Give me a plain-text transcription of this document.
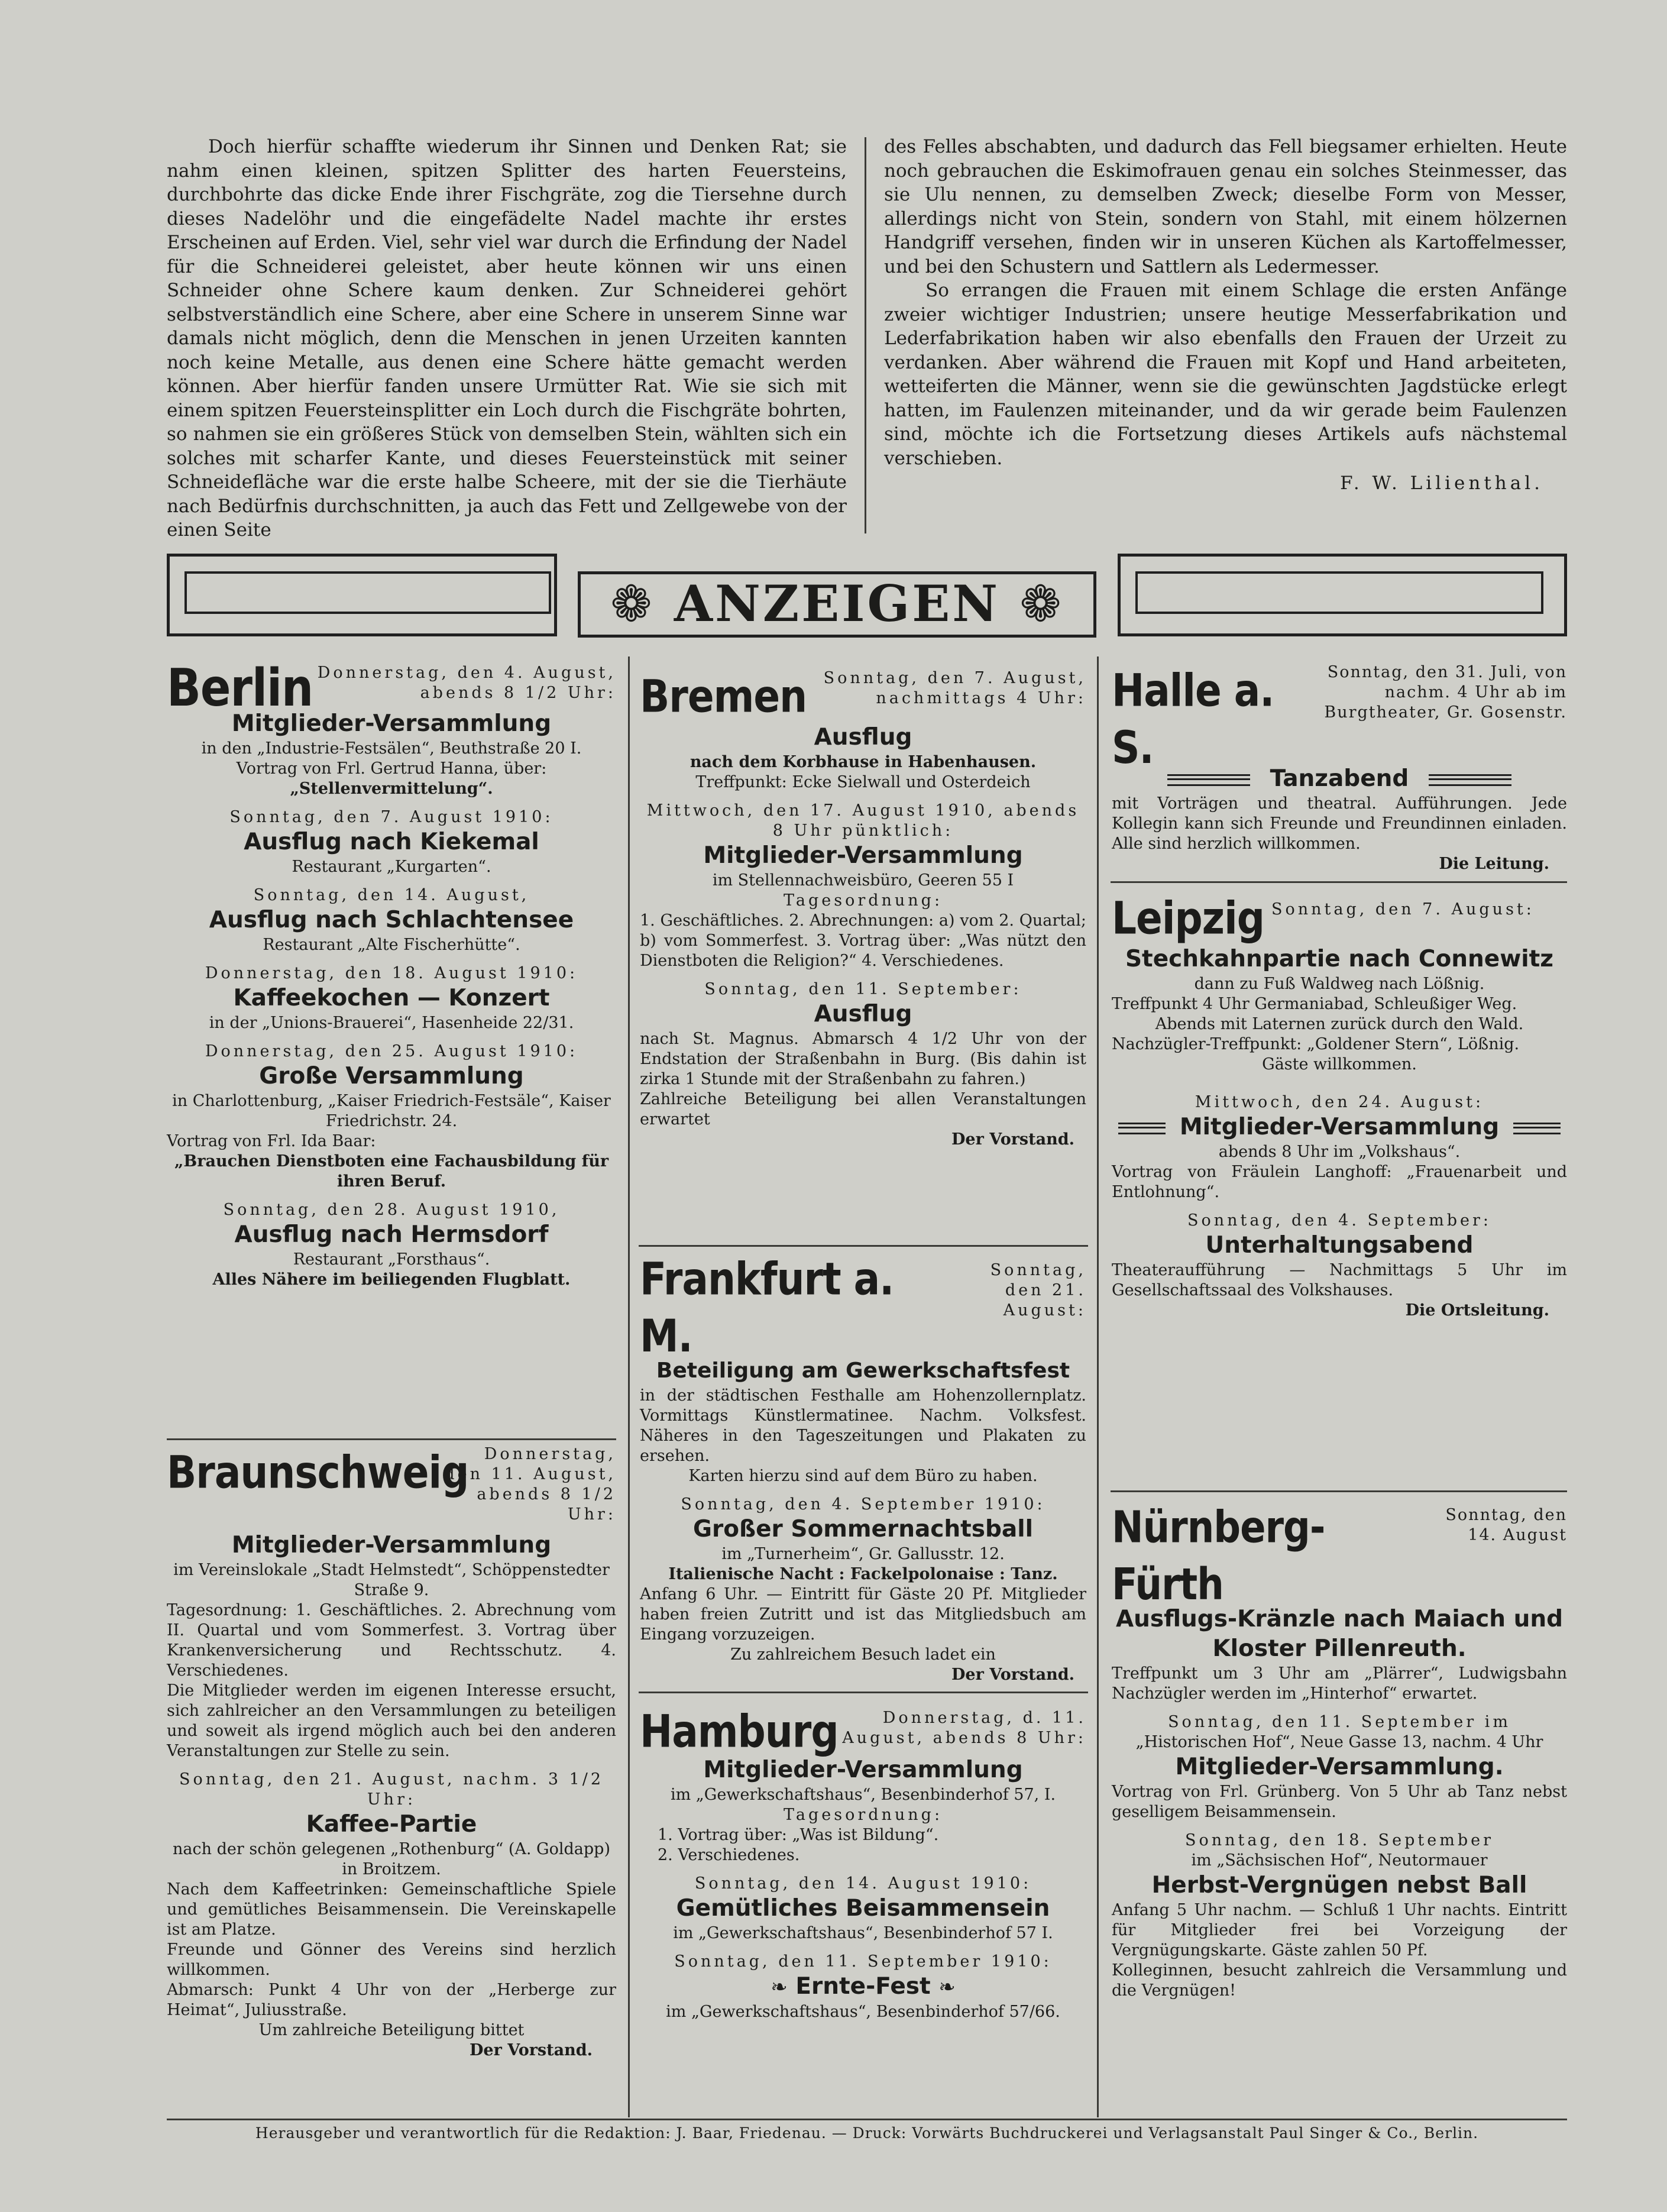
Doch hierfür schaffte wiederum ihr Sinnen und Denken Rat; sie nahm einen kleinen, spitzen Splitter des harten Feuersteins, durchbohrte das dicke Ende ihrer Fischgräte, zog die Tiersehne durch dieses Nadelöhr und die eingefädelte Nadel machte ihr erstes Erscheinen auf Erden. Viel, sehr viel war durch die Erfindung der Nadel für die Schneiderei geleistet, aber heute können wir uns einen Schneider ohne Schere kaum denken. Zur Schneiderei gehört selbstverständlich eine Schere, aber eine Schere in unserem Sinne war damals nicht möglich, denn die Menschen in jenen Urzeiten kannten noch keine Metalle, aus denen eine Schere hätte gemacht werden können. Aber hierfür fanden unsere Urmütter Rat. Wie sie sich mit einem spitzen Feuersteinsplitter ein Loch durch die Fischgräte bohrten, so nahmen sie ein größeres Stück von demselben Stein, wählten sich ein solches mit scharfer Kante, und dieses Feuersteinstück mit seiner Schneidefläche war die erste halbe Scheere, mit der sie die Tierhäute nach Bedürfnis durchschnitten, ja auch das Fett und Zellgewebe von der einen Seite

des Felles abschabten, und dadurch das Fell biegsamer erhielten. Heute noch gebrauchen die Eskimofrauen genau ein solches Steinmesser, das sie Ulu nennen, zu demselben Zweck; dieselbe Form von Messer, allerdings nicht von Stein, sondern von Stahl, mit einem hölzernen Handgriff versehen, finden wir in unseren Küchen als Kartoffelmesser, und bei den Schustern und Sattlern als Ledermesser.

So errangen die Frauen mit einem Schlage die ersten Anfänge zweier wichtiger Industrien; unsere heutige Messerfabrikation und Lederfabrikation haben wir also ebenfalls den Frauen der Urzeit zu verdanken. Aber während die Frauen mit Kopf und Hand arbeiteten, wetteiferten die Männer, wenn sie die gewünschten Jagdstücke erlegt hatten, im Faulenzen miteinander, und da wir gerade beim Faulenzen sind, möchte ich die Fortsetzung dieses Artikels aufs nächstemal verschieben.

F. W. Lilienthal.
❁ ANZEIGEN ❁
Berlin Donnerstag, den 4. August, abends 8 1/2 Uhr:
Mitglieder-Versammlung
in den „Industrie-Festsälen“, Beuthstraße 20 I.
Vortrag von Frl. Gertrud Hanna, über:
„Stellenvermittelung“.
Sonntag, den 7. August 1910:
Ausflug nach Kiekemal
Restaurant „Kurgarten“.
Sonntag, den 14. August,
Ausflug nach Schlachtensee
Restaurant „Alte Fischerhütte“.
Donnerstag, den 18. August 1910:
Kaffeekochen — Konzert
in der „Unions-Brauerei“, Hasenheide 22/31.
Donnerstag, den 25. August 1910:
Große Versammlung
in Charlottenburg, „Kaiser Friedrich-Festsäle“, Kaiser Friedrichstr. 24.
Vortrag von Frl. Ida Baar:
„Brauchen Dienstboten eine Fachausbildung für ihren Beruf.
Sonntag, den 28. August 1910,
Ausflug nach Hermsdorf
Restaurant „Forsthaus“.
Alles Nähere im beiliegenden Flugblatt.
Braunschweig Donnerstag, den 11. August, abends 8 1/2 Uhr:
Mitglieder-Versammlung
im Vereinslokale „Stadt Helmstedt“, Schöppenstedter Straße 9.
Tagesordnung: 1. Geschäftliches. 2. Abrechnung vom II. Quartal und vom Sommerfest. 3. Vortrag über Krankenversicherung und Rechtsschutz. 4. Verschiedenes.
Die Mitglieder werden im eigenen Interesse ersucht, sich zahlreicher an den Versammlungen zu beteiligen und soweit als irgend möglich auch bei den anderen Veranstaltungen zur Stelle zu sein.
Sonntag, den 21. August, nachm. 3 1/2 Uhr:
Kaffee-Partie
nach der schön gelegenen „Rothenburg“ (A. Goldapp) in Broitzem.
Nach dem Kaffeetrinken: Gemeinschaftliche Spiele und gemütliches Beisammensein. Die Vereinskapelle ist am Platze.
Freunde und Gönner des Vereins sind herzlich willkommen.
Abmarsch: Punkt 4 Uhr von der „Herberge zur Heimat“, Juliusstraße.
Um zahlreiche Beteiligung bittet
Der Vorstand.
Bremen	Sonntag, den 7. August, nachmittags 4 Uhr:
Ausflug
nach dem Korbhause in Habenhausen.
Treffpunkt: Ecke Sielwall und Osterdeich
Mittwoch, den 17. August 1910, abends 8 Uhr pünktlich:
Mitglieder-Versammlung
im Stellennachweisbüro, Geeren 55 I
Tagesordnung:
1. Geschäftliches. 2. Abrechnungen: a) vom 2. Quartal; b) vom Sommerfest. 3. Vortrag über: „Was nützt den Dienstboten die Religion?“ 4. Verschiedenes.
Sonntag, den 11. September:
Ausflug
nach St. Magnus. Abmarsch 4 1/2 Uhr von der Endstation der Straßenbahn in Burg. (Bis dahin ist zirka 1 Stunde mit der Straßenbahn zu fahren.)
Zahlreiche Beteiligung bei allen Veranstaltungen erwartet
Der Vorstand.
Frankfurt a. M.
Sonntag, den 21. August:
Beteiligung am Gewerkschaftsfest
in der städtischen Festhalle am Hohenzollernplatz. Vormittags Künstlermatinee. Nachm. Volksfest. Näheres in den Tageszeitungen und Plakaten zu ersehen.
Karten hierzu sind auf dem Büro zu haben.
Sonntag, den 4. September 1910:
Großer Sommernachtsball
im „Turnerheim“, Gr. Gallusstr. 12.
Italienische Nacht : Fackelpolonaise : Tanz.
Anfang 6 Uhr. — Eintritt für Gäste 20 Pf. Mitglieder haben freien Zutritt und ist das Mitgliedsbuch am Eingang vorzuzeigen.
Zu zahlreichem Besuch ladet ein
Der Vorstand.
Hamburg	Donnerstag, d. 11. August, abends 8 Uhr:
Mitglieder-Versammlung
im „Gewerkschaftshaus“, Besenbinderhof 57, I.
Tagesordnung:
1. Vortrag über: „Was ist Bildung“.
2. Verschiedenes.
Sonntag, den 14. August 1910:
Gemütliches Beisammensein
im „Gewerkschaftshaus“, Besenbinderhof 57 I.
Sonntag, den 11. September 1910:
❧ Ernte-Fest ❧
im „Gewerkschaftshaus“, Besenbinderhof 57/66.
Halle a. S.
Sonntag, den 31. Juli, von nachm. 4 Uhr ab im Burgtheater, Gr. Gosenstr.
Tanzabend
mit Vorträgen und theatral. Aufführungen. Jede Kollegin kann sich Freunde und Freundinnen einladen. Alle sind herzlich willkommen.
Die Leitung.
Leipzig Sonntag, den 7. August:
Stechkahnpartie nach Connewitz
dann zu Fuß Waldweg nach Lößnig.
Treffpunkt 4 Uhr Germaniabad, Schleußiger Weg.
Abends mit Laternen zurück durch den Wald.
Nachzügler-Treffpunkt: „Goldener Stern“, Lößnig.
Gäste willkommen.
Mittwoch, den 24. August:
Mitglieder-Versammlung
abends 8 Uhr im „Volkshaus“.
Vortrag von Fräulein Langhoff: „Frauenarbeit und Entlohnung“.
Sonntag, den 4. September:
Unterhaltungsabend
Theateraufführung — Nachmittags 5 Uhr im Gesellschaftssaal des Volkshauses.
Die Ortsleitung.
Nürnberg-Fürth
Sonntag, den 14. August
Ausflugs-Kränzle nach Maiach und Kloster Pillenreuth.
Treffpunkt um 3 Uhr am „Plärrer“, Ludwigsbahn Nachzügler werden im „Hinterhof“ erwartet.
Sonntag, den 11. September im
„Historischen Hof“, Neue Gasse 13, nachm. 4 Uhr
Mitglieder-Versammlung.
Vortrag von Frl. Grünberg. Von 5 Uhr ab Tanz nebst geselligem Beisammensein.
Sonntag, den 18. September
im „Sächsischen Hof“, Neutormauer
Herbst-Vergnügen nebst Ball
Anfang 5 Uhr nachm. — Schluß 1 Uhr nachts. Eintritt für Mitglieder frei bei Vorzeigung der Vergnügungskarte. Gäste zahlen 50 Pf.
Kolleginnen, besucht zahlreich die Versammlung und die Vergnügen!
Herausgeber und verantwortlich für die Redaktion: J. Baar, Friedenau. — Druck: Vorwärts Buchdruckerei und Verlagsanstalt Paul Singer & Co., Berlin.
